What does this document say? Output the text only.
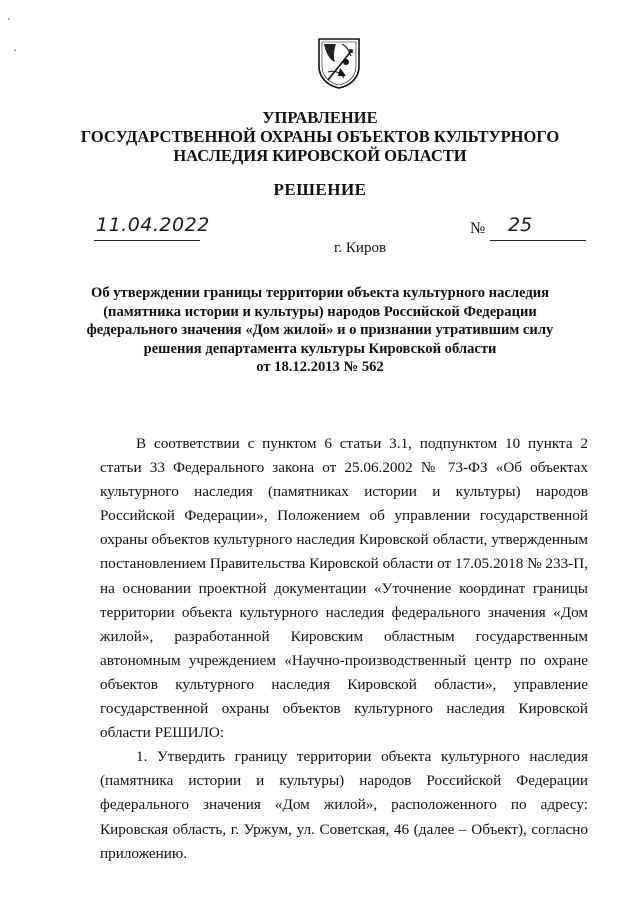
'
.
УПРАВЛЕНИЕ
ГОСУДАРСТВЕННОЙ ОХРАНЫ ОБЪЕКТОВ КУЛЬТУРНОГО
НАСЛЕДИЯ КИРОВСКОЙ ОБЛАСТИ
РЕШЕНИЕ
11.04.2022	№ 25
г. Киров
Об утверждении границы территории объекта культурного наследия
(памятника истории и культуры) народов Российской Федерации
федерального значения «Дом жилой» и о признании утратившим силу
решения департамента культуры Кировской области
от 18.12.2013 № 562

В соответствии с пунктом 6 статьи 3.1, подпунктом 10 пункта 2 статьи 33 Федерального закона от 25.06.2002 № 73-ФЗ «Об объектах культурного наследия (памятниках истории и культуры) народов Российской Федерации», Положением об управлении государственной охраны объектов культурного наследия Кировской области, утвержденным постановлением Правительства Кировской области от 17.05.2018 № 233-П, на основании проектной документации «Уточнение координат границы территории объекта культурного наследия федерального значения «Дом жилой», разработанной Кировским областным государственным автономным учреждением «Научно-производственный центр по охране объектов культурного наследия Кировской области», управление государственной охраны объектов культурного наследия Кировской области РЕШИЛО:

1. Утвердить границу территории объекта культурного наследия (памятника истории и культуры) народов Российской Федерации федерального значения «Дом жилой», расположенного по адресу: Кировская область, г. Уржум, ул. Советская, 46 (далее – Объект), согласно приложению.
